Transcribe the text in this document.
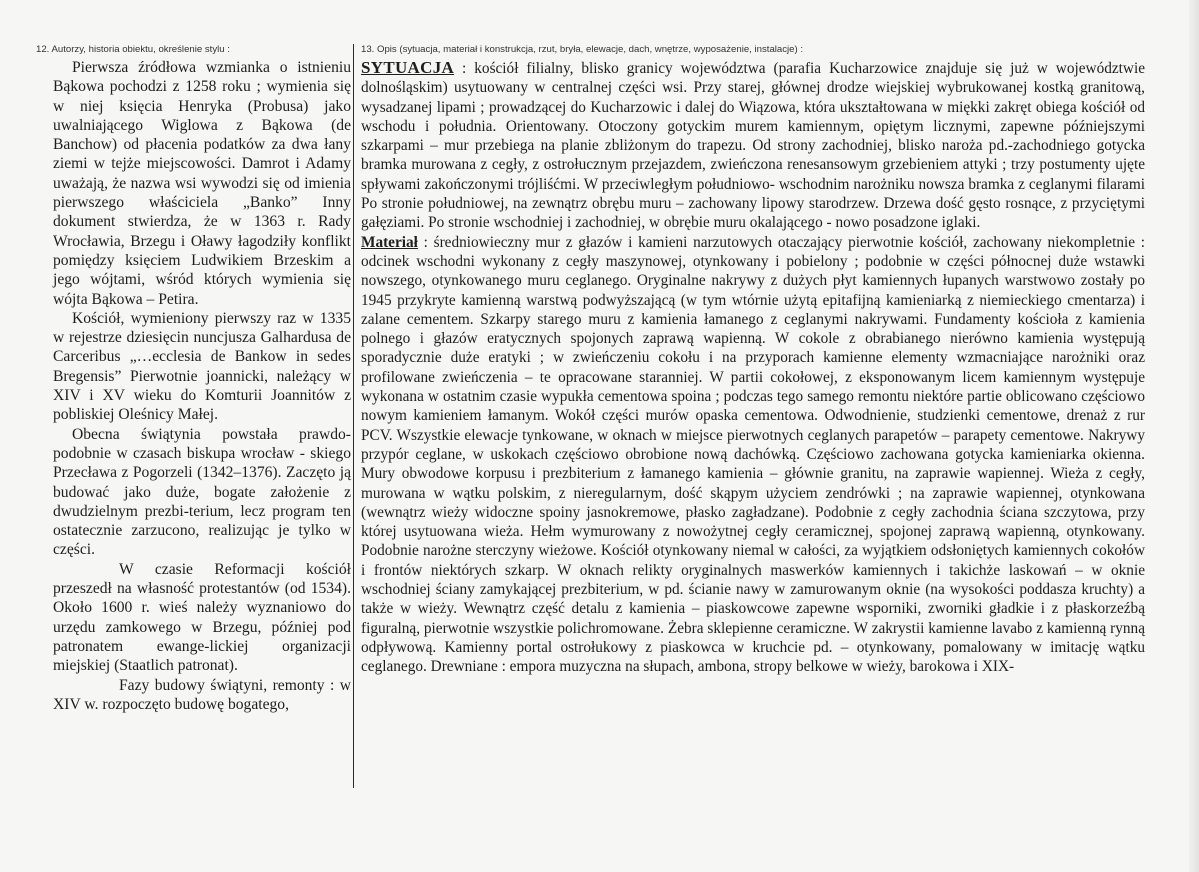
12. Autorzy, historia obiektu, określenie stylu :

Pierwsza źródłowa wzmianka o istnieniu Bąkowa pochodzi z 1258 roku ; wymienia się w niej księcia Henryka (Probusa) jako uwalniającego Wiglowa z Bąkowa (de Banchow) od płacenia podatków za dwa łany ziemi w tejże miejscowości. Damrot i Adamy uważają, że nazwa wsi wywodzi się od imienia pierwszego właściciela „Banko” Inny dokument stwierdza, że w 1363 r. Rady Wrocławia, Brzegu i Oławy łagodziły konflikt pomiędzy księciem Ludwikiem Brzeskim a jego wójtami, wśród których wymienia się wójta Bąkowa – Petira.

Kościół, wymieniony pierwszy raz w 1335 w rejestrze dziesięcin nuncjusza Galhardusa de Carceribus „…ecclesia de Bankow in sedes Bregensis” Pierwotnie joannicki, należący w XIV i XV wieku do Komturii Joannitów z pobliskiej Oleśnicy Małej.

Obecna świątynia powstała prawdo-podobnie w czasach biskupa wrocław - skiego Przecława z Pogorzeli (1342–1376). Zaczęto ją budować jako duże, bogate założenie z dwudzielnym prezbi-terium, lecz program ten ostatecznie zarzucono, realizując je tylko w części.

W czasie Reformacji kościół przeszedł na własność protestantów (od 1534). Około 1600 r. wieś należy wyznaniowo do urzędu zamkowego w Brzegu, później pod patronatem ewange-lickiej organizacji miejskiej (Staatlich patronat).

Fazy budowy świątyni, remonty : w XIV w. rozpoczęto budowę bogatego,

13. Opis (sytuacja, materiał i konstrukcja, rzut, bryła, elewacje, dach, wnętrze, wyposażenie, instalacje) :

SYTUACJA : kościół filialny, blisko granicy województwa (parafia Kucharzowice znajduje się już w województwie dolnośląskim) usytuowany w centralnej części wsi. Przy starej, głównej drodze wiejskiej wybrukowanej kostką granitową, wysadzanej lipami ; prowadzącej do Kucharzowic i dalej do Wiązowa, która ukształtowana w miękki zakręt obiega kościół od wschodu i południa. Orientowany. Otoczony gotyckim murem kamiennym, opiętym licznymi, zapewne późniejszymi szkarpami – mur przebiega na planie zbliżonym do trapezu. Od strony zachodniej, blisko naroża pd.-zachodniego gotycka bramka murowana z cegły, z ostrołucznym przejazdem, zwieńczona renesansowym grzebieniem attyki ; trzy postumenty ujęte spływami zakończonymi trójliśćmi. W przeciwległym południowo- wschodnim narożniku nowsza bramka z ceglanymi filarami Po stronie południowej, na zewnątrz obrębu muru – zachowany lipowy starodrzew. Drzewa dość gęsto rosnące, z przyciętymi gałęziami. Po stronie wschodniej i zachodniej, w obrębie muru okalającego - nowo posadzone iglaki.

Materiał : średniowieczny mur z głazów i kamieni narzutowych otaczający pierwotnie kościół, zachowany niekompletnie : odcinek wschodni wykonany z cegły maszynowej, otynkowany i pobielony ; podobnie w części północnej duże wstawki nowszego, otynkowanego muru ceglanego. Oryginalne nakrywy z dużych płyt kamiennych łupanych warstwowo zostały po 1945 przykryte kamienną warstwą podwyższającą (w tym wtórnie użytą epitafijną kamieniarką z niemieckiego cmentarza) i zalane cementem. Szkarpy starego muru z kamienia łamanego z ceglanymi nakrywami. Fundamenty kościoła z kamienia polnego i głazów eratycznych spojonych zaprawą wapienną. W cokole z obrabianego nierówno kamienia występują sporadycznie duże eratyki ; w zwieńczeniu cokołu i na przyporach kamienne elementy wzmacniające narożniki oraz profilowane zwieńczenia – te opracowane staranniej. W partii cokołowej, z eksponowanym licem kamiennym występuje wykonana w ostatnim czasie wypukła cementowa spoina ; podczas tego samego remontu niektóre partie oblicowano częściowo nowym kamieniem łamanym. Wokół części murów opaska cementowa. Odwodnienie, studzienki cementowe, drenaż z rur PCV. Wszystkie elewacje tynkowane, w oknach w miejsce pierwotnych ceglanych parapetów – parapety cementowe. Nakrywy przypór ceglane, w uskokach częściowo obrobione nową dachówką. Częściowo zachowana gotycka kamieniarka okienna. Mury obwodowe korpusu i prezbiterium z łamanego kamienia – głównie granitu, na zaprawie wapiennej. Wieża z cegły, murowana w wątku polskim, z nieregularnym, dość skąpym użyciem zendrówki ; na zaprawie wapiennej, otynkowana (wewnątrz wieży widoczne spoiny jasnokremowe, płasko zagładzane). Podobnie z cegły zachodnia ściana szczytowa, przy której usytuowana wieża. Hełm wymurowany z nowożytnej cegły ceramicznej, spojonej zaprawą wapienną, otynkowany. Podobnie narożne sterczyny wieżowe. Kościół otynkowany niemal w całości, za wyjątkiem odsłoniętych kamiennych cokołów i frontów niektórych szkarp. W oknach relikty oryginalnych maswerków kamiennych i takichże laskowań – w oknie wschodniej ściany zamykającej prezbiterium, w pd. ścianie nawy w zamurowanym oknie (na wysokości poddasza kruchty) a także w wieży. Wewnątrz część detalu z kamienia – piaskowcowe zapewne wsporniki, zworniki gładkie i z płaskorzeźbą figuralną, pierwotnie wszystkie polichromowane. Żebra sklepienne ceramiczne. W zakrystii kamienne lavabo z kamienną rynną odpływową. Kamienny portal ostrołukowy z piaskowca w kruchcie pd. – otynkowany, pomalowany w imitację wątku ceglanego. Drewniane : empora muzyczna na słupach, ambona, stropy belkowe w wieży, barokowa i XIX-
